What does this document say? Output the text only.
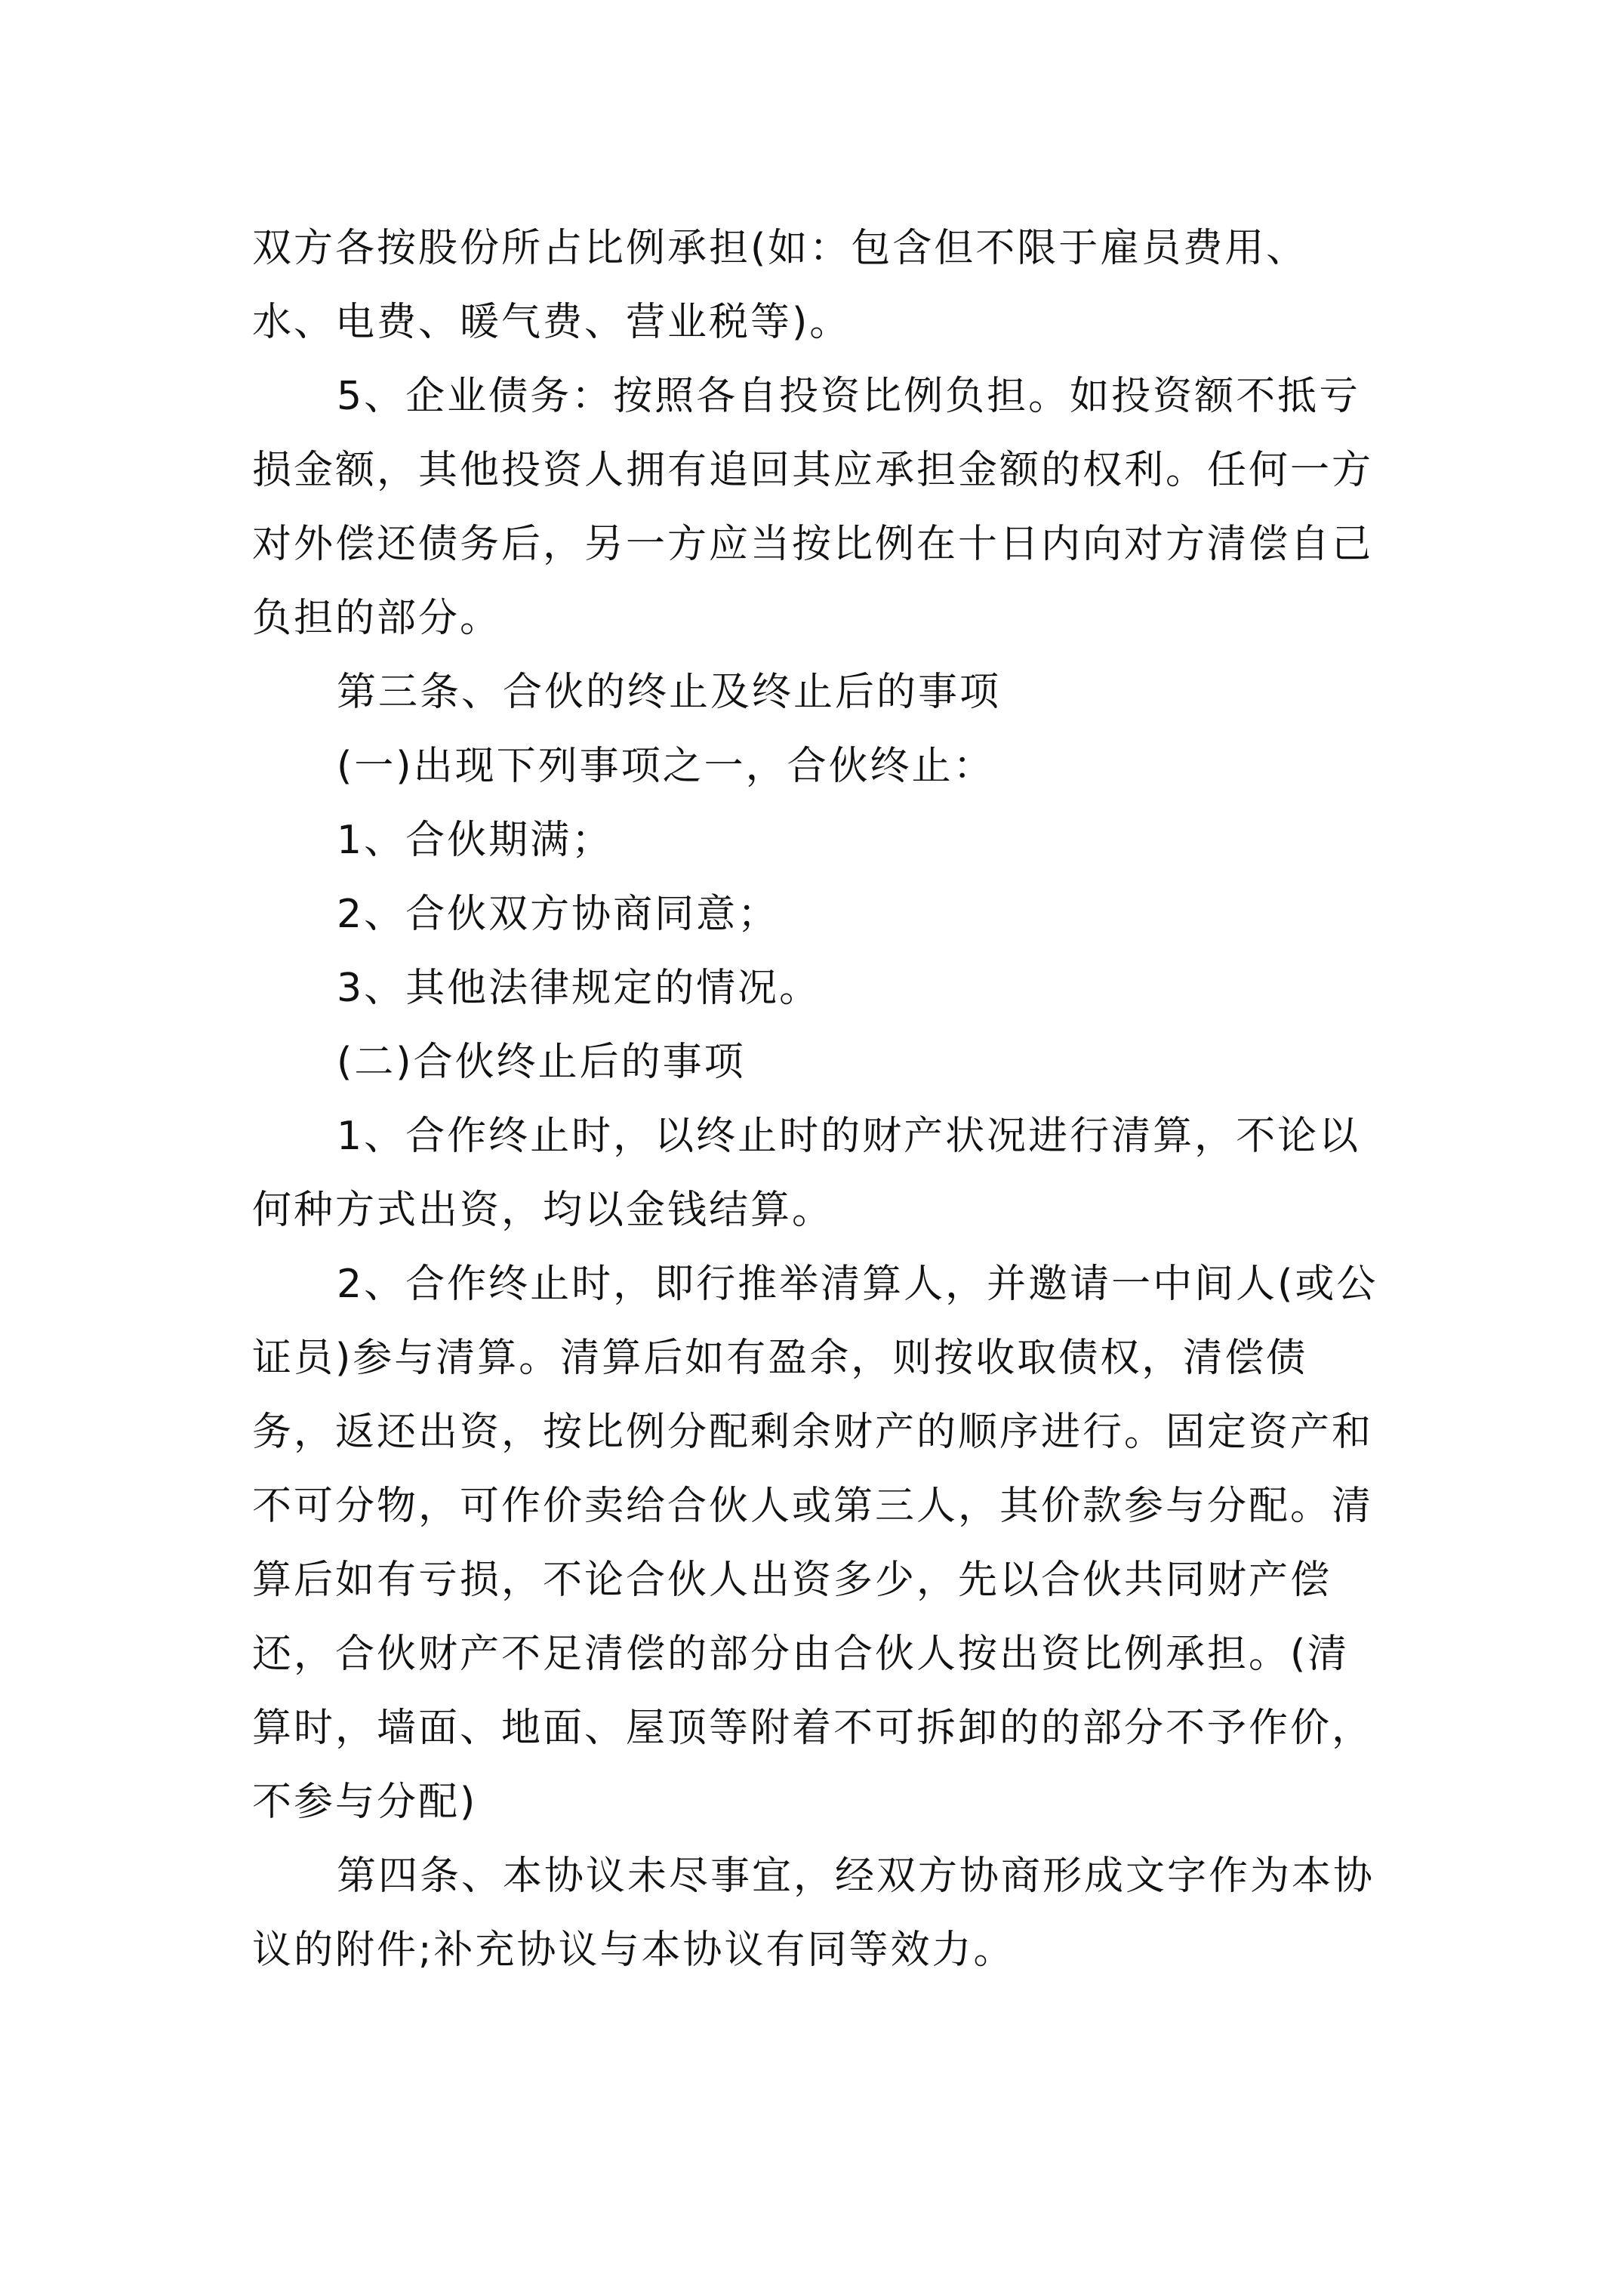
双方各按股份所占比例承担(如：包含但不限于雇员费用、水、电费、暖气费、营业税等)。

5、企业债务：按照各自投资比例负担。如投资额不抵亏损金额，其他投资人拥有追回其应承担金额的权利。任何一方对外偿还债务后，另一方应当按比例在十日内向对方清偿自己负担的部分。

第三条、合伙的终止及终止后的事项

(一)出现下列事项之一，合伙终止：

1、合伙期满；

2、合伙双方协商同意；

3、其他法律规定的情况。

(二)合伙终止后的事项

1、合作终止时，以终止时的财产状况进行清算，不论以何种方式出资，均以金钱结算。

2、合作终止时，即行推举清算人，并邀请一中间人(或公证员)参与清算。清算后如有盈余，则按收取债权，清偿债务，返还出资，按比例分配剩余财产的顺序进行。固定资产和不可分物，可作价卖给合伙人或第三人，其价款参与分配。清算后如有亏损，不论合伙人出资多少，先以合伙共同财产偿还，合伙财产不足清偿的部分由合伙人按出资比例承担。(清算时，墙面、地面、屋顶等附着不可拆卸的的部分不予作价，不参与分配)

第四条、本协议未尽事宜，经双方协商形成文字作为本协议的附件;补充协议与本协议有同等效力。
